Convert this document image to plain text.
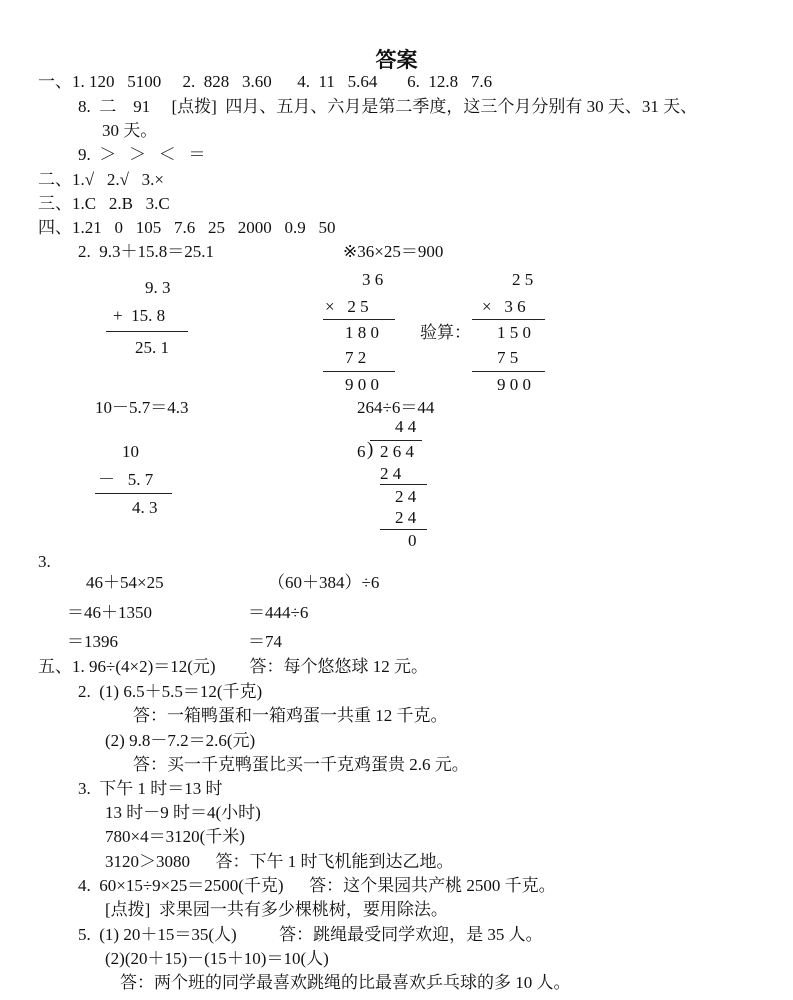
答案
一、1. 120   5100     2.  828   3.60      4.  11   5.64       6.  12.8   7.6
8.  二    91     [点拨]  四月、五月、六月是第二季度，这三个月分别有 30 天、31 天、
30 天。
9.  ＞   ＞   ＜   ＝
二、1.√   2.√   3.×
三、1.C   2.B   3.C
四、1.21   0   105   7.6   25   2000   0.9   50
2.  9.3＋15.8＝25.1	※36×25＝900
9. 3
+  15. 8
25. 1
3 6
×   2 5
1 8 0
7 2
9 0 0
验算：
2 5
×   3 6
1 5 0
7 5
9 0 0
10－5.7＝4.3	264÷6＝44
10
－   5. 7
4. 3
4 4
6 ) 2 6 4
2 4
2 4
2 4
0
3.
46＋54×25
＝46＋1350
＝1396
（60＋384）÷6
＝444÷6
＝74
五、1. 96÷(4×2)＝12(元)        答：每个悠悠球 12 元。
2.  (1) 6.5＋5.5＝12(千克)
答：一箱鸭蛋和一箱鸡蛋一共重 12 千克。
(2) 9.8－7.2＝2.6(元)
答：买一千克鸭蛋比买一千克鸡蛋贵 2.6 元。
3.  下午 1 时＝13 时
13 时－9 时＝4(小时)
780×4＝3120(千米)
3120＞3080      答：下午 1 时飞机能到达乙地。
4.  60×15÷9×25＝2500(千克)      答：这个果园共产桃 2500 千克。
[点拨]  求果园一共有多少棵桃树，要用除法。
5.  (1) 20＋15＝35(人)          答：跳绳最受同学欢迎，是 35 人。
(2)(20＋15)－(15＋10)＝10(人)
答：两个班的同学最喜欢跳绳的比最喜欢乒乓球的多 10 人。
